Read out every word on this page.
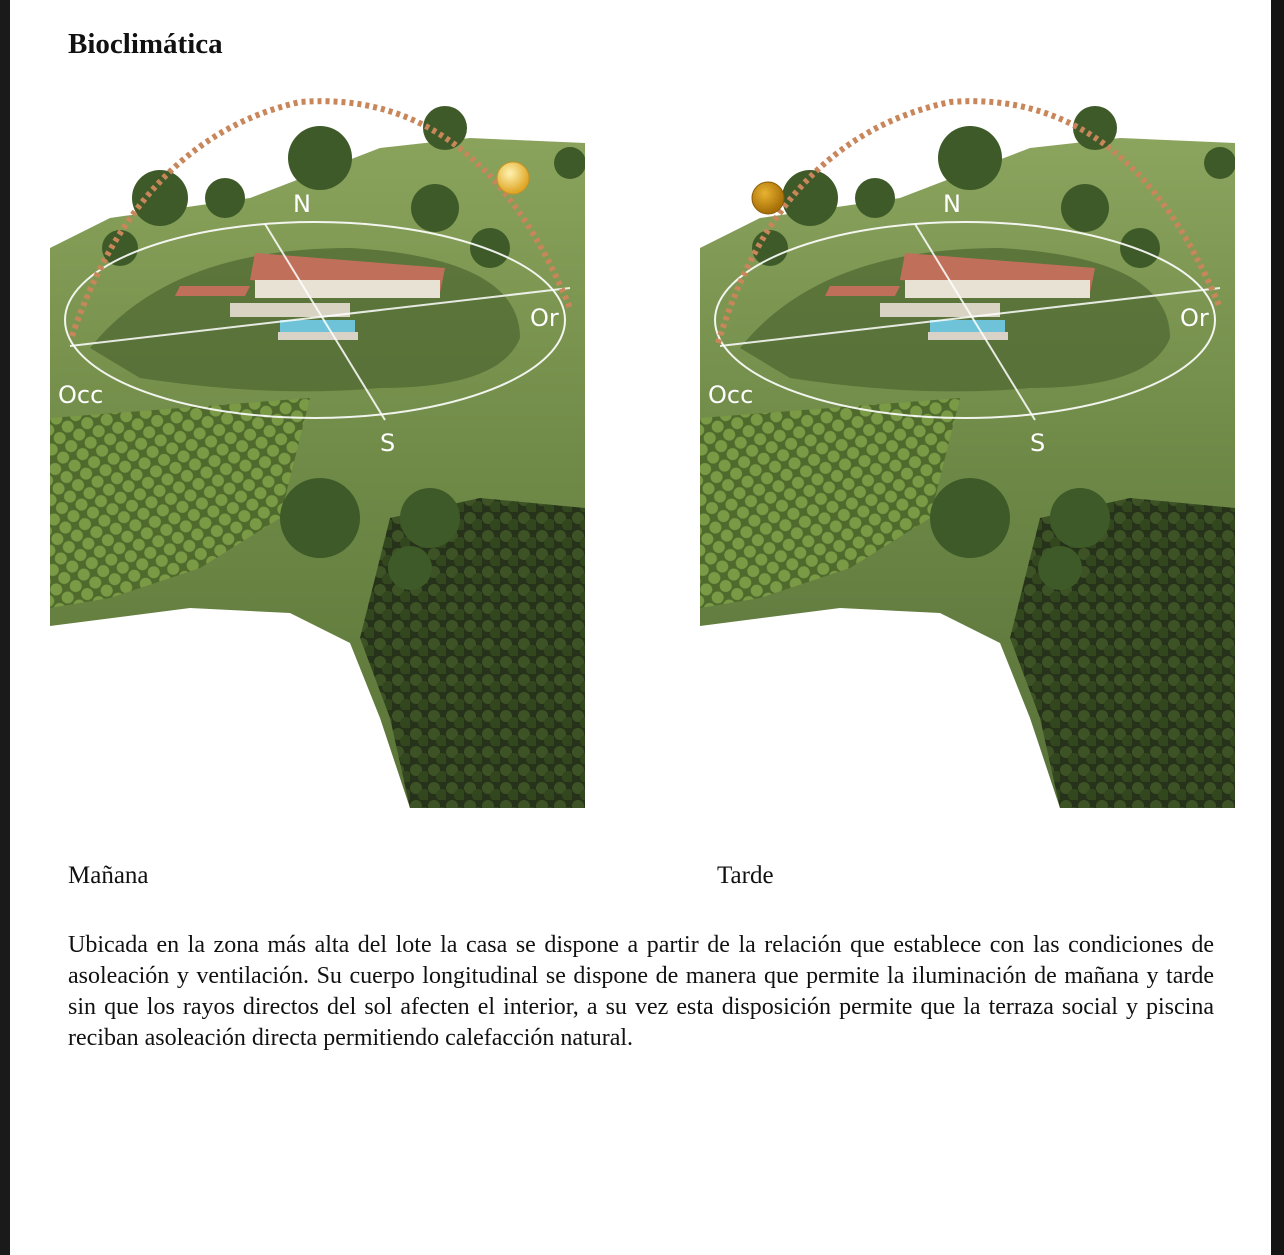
Bioclimática
N
S
Or
Occ
N
S
Or
Occ
Mañana	Tarde
Ubicada en la zona más alta del lote la casa se dispone a partir de la relación que establece con las condiciones de asoleación y ventilación. Su cuerpo longitudinal se dispone de manera que permite la iluminación de mañana y tarde sin que los rayos directos del sol afecten el interior, a su vez esta disposición permite que la terraza social y piscina reciban asoleación directa permitiendo calefacción natural.
